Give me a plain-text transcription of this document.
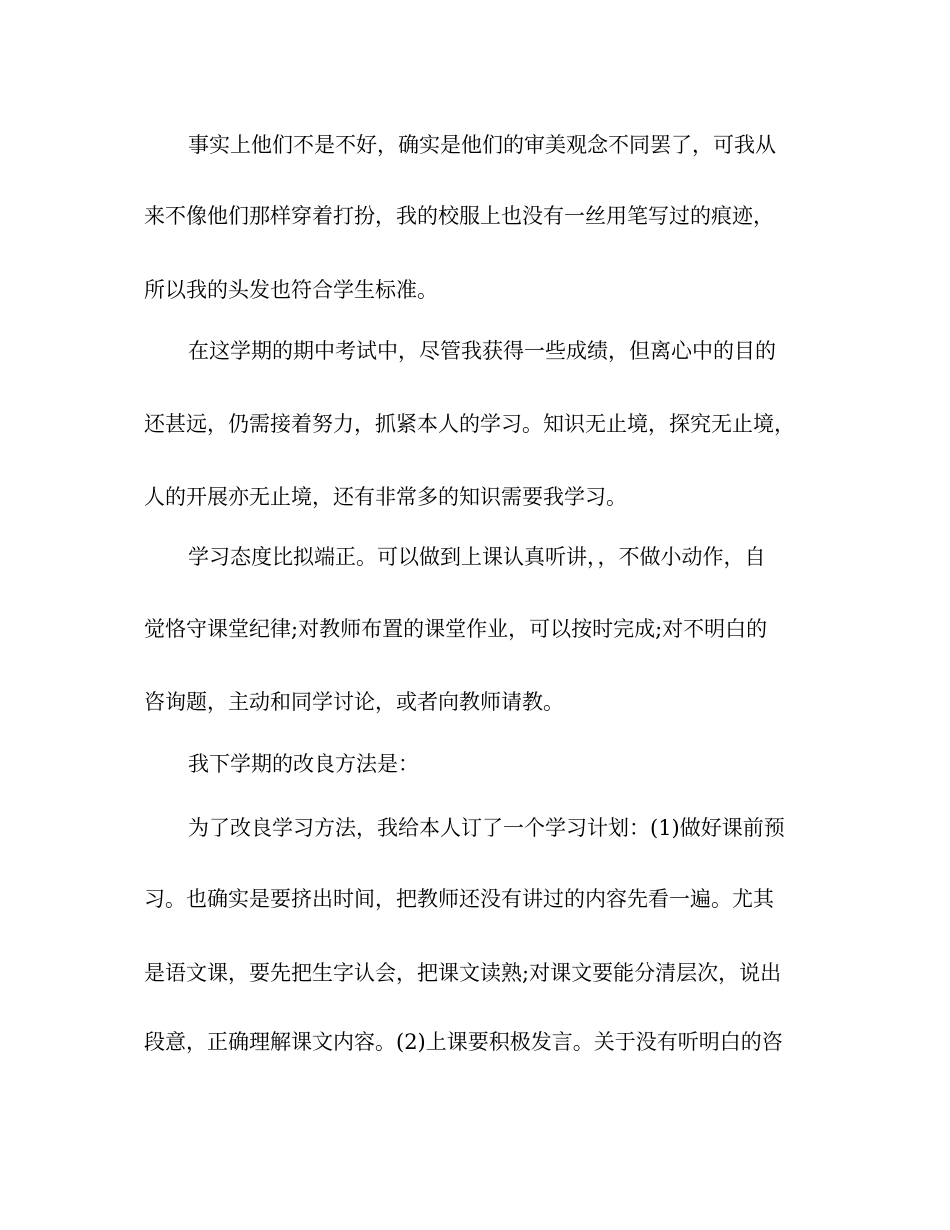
事实上他们不是不好，确实是他们的审美观念不同罢了，可我从
来不像他们那样穿着打扮，我的校服上也没有一丝用笔写过的痕迹，
所以我的头发也符合学生标准。
在这学期的期中考试中，尽管我获得一些成绩，但离心中的目的
还甚远，仍需接着努力，抓紧本人的学习。知识无止境，探究无止境，
人的开展亦无止境，还有非常多的知识需要我学习。
学习态度比拟端正。可以做到上课认真听讲，，不做小动作，自
觉恪守课堂纪律;对教师布置的课堂作业，可以按时完成;对不明白的
咨询题，主动和同学讨论，或者向教师请教。
我下学期的改良方法是：
为了改良学习方法，我给本人订了一个学习计划：(1)做好课前预
习。也确实是要挤出时间，把教师还没有讲过的内容先看一遍。尤其
是语文课，要先把生字认会，把课文读熟;对课文要能分清层次，说出
段意，正确理解课文内容。(2)上课要积极发言。关于没有听明白的咨
